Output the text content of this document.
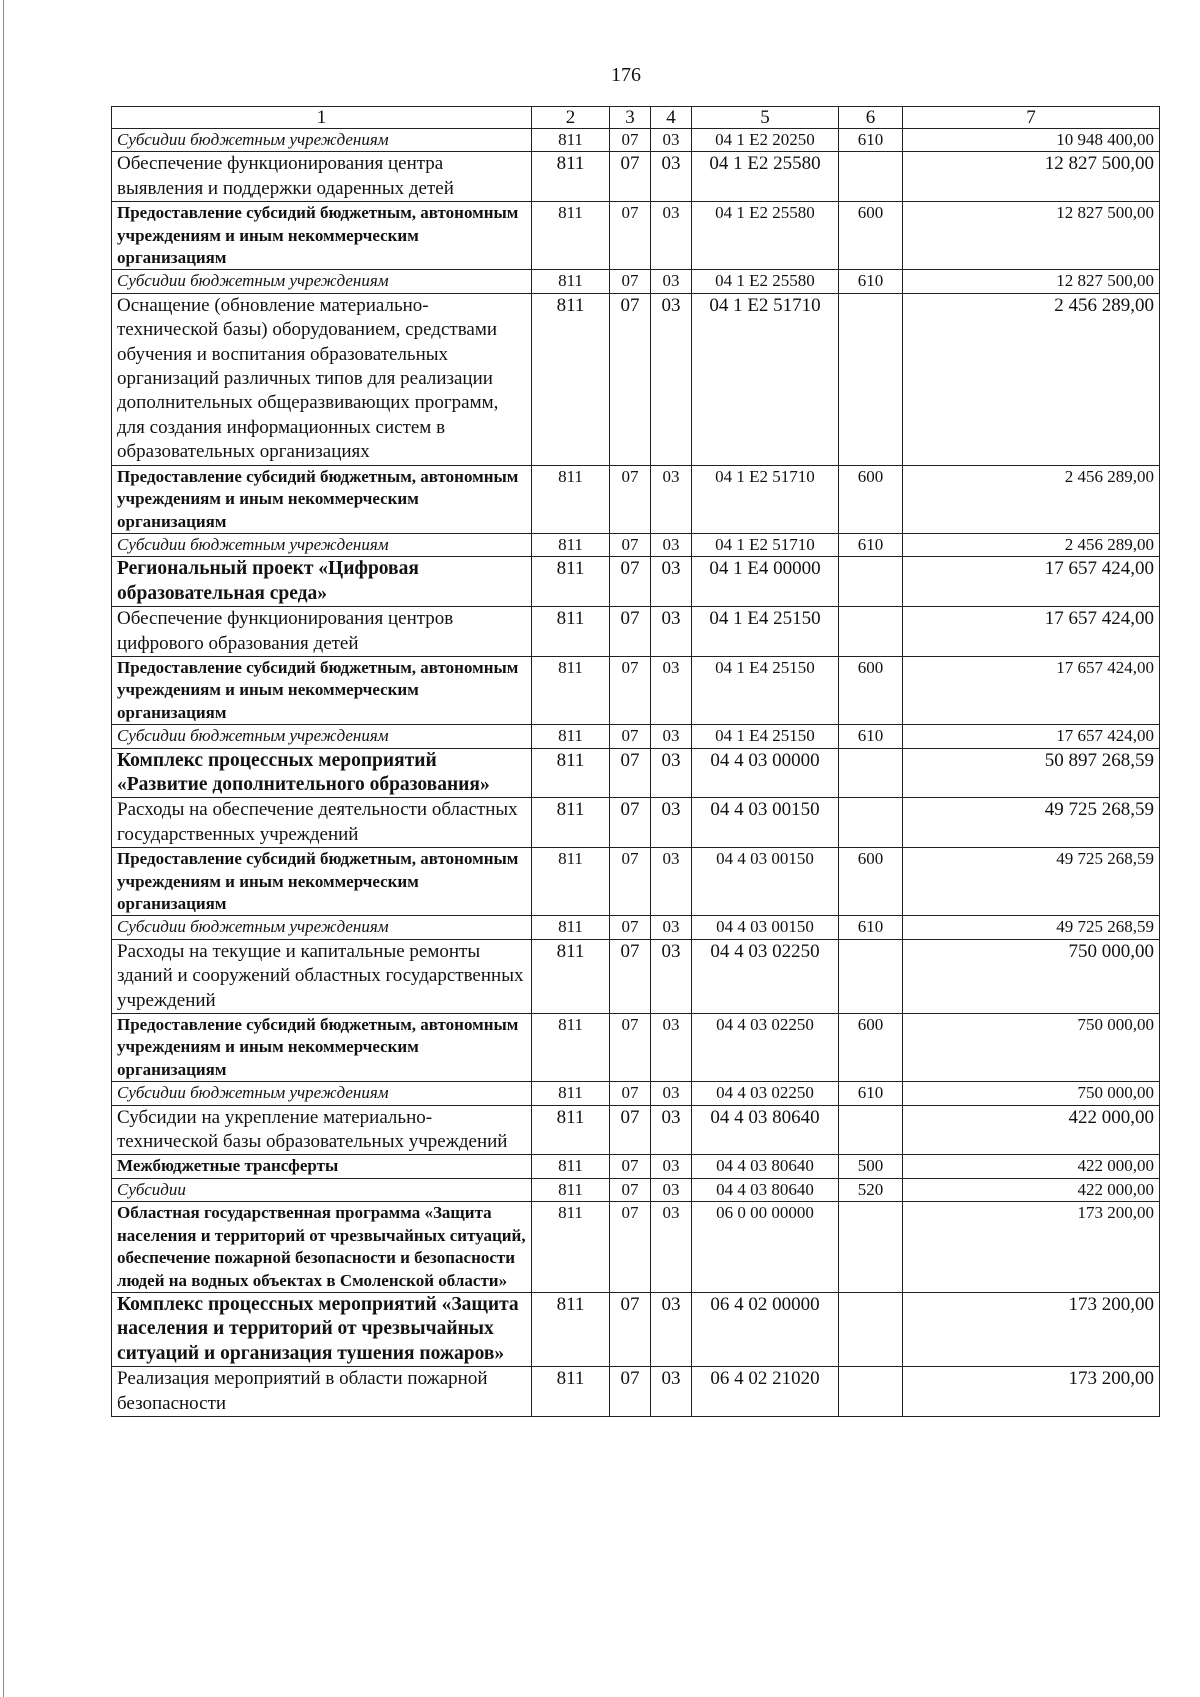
176
1	2	3	4	5	6	7
Субсидии бюджетным учреждениям	811	07	03	04 1 Е2 20250	610	10 948 400,00
Обеспечение функционирования центра выявления и поддержки одаренных детей	811	07	03	04 1 Е2 25580		12 827 500,00
Предоставление субсидий бюджетным, автономным учреждениям и иным некоммерческим организациям	811	07	03	04 1 Е2 25580	600	12 827 500,00
Субсидии бюджетным учреждениям	811	07	03	04 1 Е2 25580	610	12 827 500,00
Оснащение (обновление материально-технической базы) оборудованием, средствами обучения и воспитания образовательных организаций различных типов для реализации дополнительных общеразвивающих программ, для создания информационных систем в образовательных организациях	811	07	03	04 1 Е2 51710		2 456 289,00
Предоставление субсидий бюджетным, автономным учреждениям и иным некоммерческим организациям	811	07	03	04 1 Е2 51710	600	2 456 289,00
Субсидии бюджетным учреждениям	811	07	03	04 1 Е2 51710	610	2 456 289,00
Региональный проект «Цифровая образовательная среда»	811	07	03	04 1 Е4 00000		17 657 424,00
Обеспечение функционирования центров цифрового образования детей	811	07	03	04 1 Е4 25150		17 657 424,00
Предоставление субсидий бюджетным, автономным учреждениям и иным некоммерческим организациям	811	07	03	04 1 Е4 25150	600	17 657 424,00
Субсидии бюджетным учреждениям	811	07	03	04 1 Е4 25150	610	17 657 424,00
Комплекс процессных мероприятий «Развитие дополнительного образования»	811	07	03	04 4 03 00000		50 897 268,59
Расходы на обеспечение деятельности областных государственных учреждений	811	07	03	04 4 03 00150		49 725 268,59
Предоставление субсидий бюджетным, автономным учреждениям и иным некоммерческим организациям	811	07	03	04 4 03 00150	600	49 725 268,59
Субсидии бюджетным учреждениям	811	07	03	04 4 03 00150	610	49 725 268,59
Расходы на текущие и капитальные ремонты зданий и сооружений областных государственных учреждений	811	07	03	04 4 03 02250		750 000,00
Предоставление субсидий бюджетным, автономным учреждениям и иным некоммерческим организациям	811	07	03	04 4 03 02250	600	750 000,00
Субсидии бюджетным учреждениям	811	07	03	04 4 03 02250	610	750 000,00
Субсидии на укрепление материально-технической базы образовательных учреждений	811	07	03	04 4 03 80640		422 000,00
Межбюджетные трансферты	811	07	03	04 4 03 80640	500	422 000,00
Субсидии	811	07	03	04 4 03 80640	520	422 000,00
Областная государственная программа «Защита населения и территорий от чрезвычайных ситуаций, обеспечение пожарной безопасности и безопасности людей на водных объектах в Смоленской области»	811	07	03	06 0 00 00000		173 200,00
Комплекс процессных мероприятий «Защита населения и территорий от чрезвычайных ситуаций и организация тушения пожаров»	811	07	03	06 4 02 00000		173 200,00
Реализация мероприятий в области пожарной безопасности	811	07	03	06 4 02 21020		173 200,00
